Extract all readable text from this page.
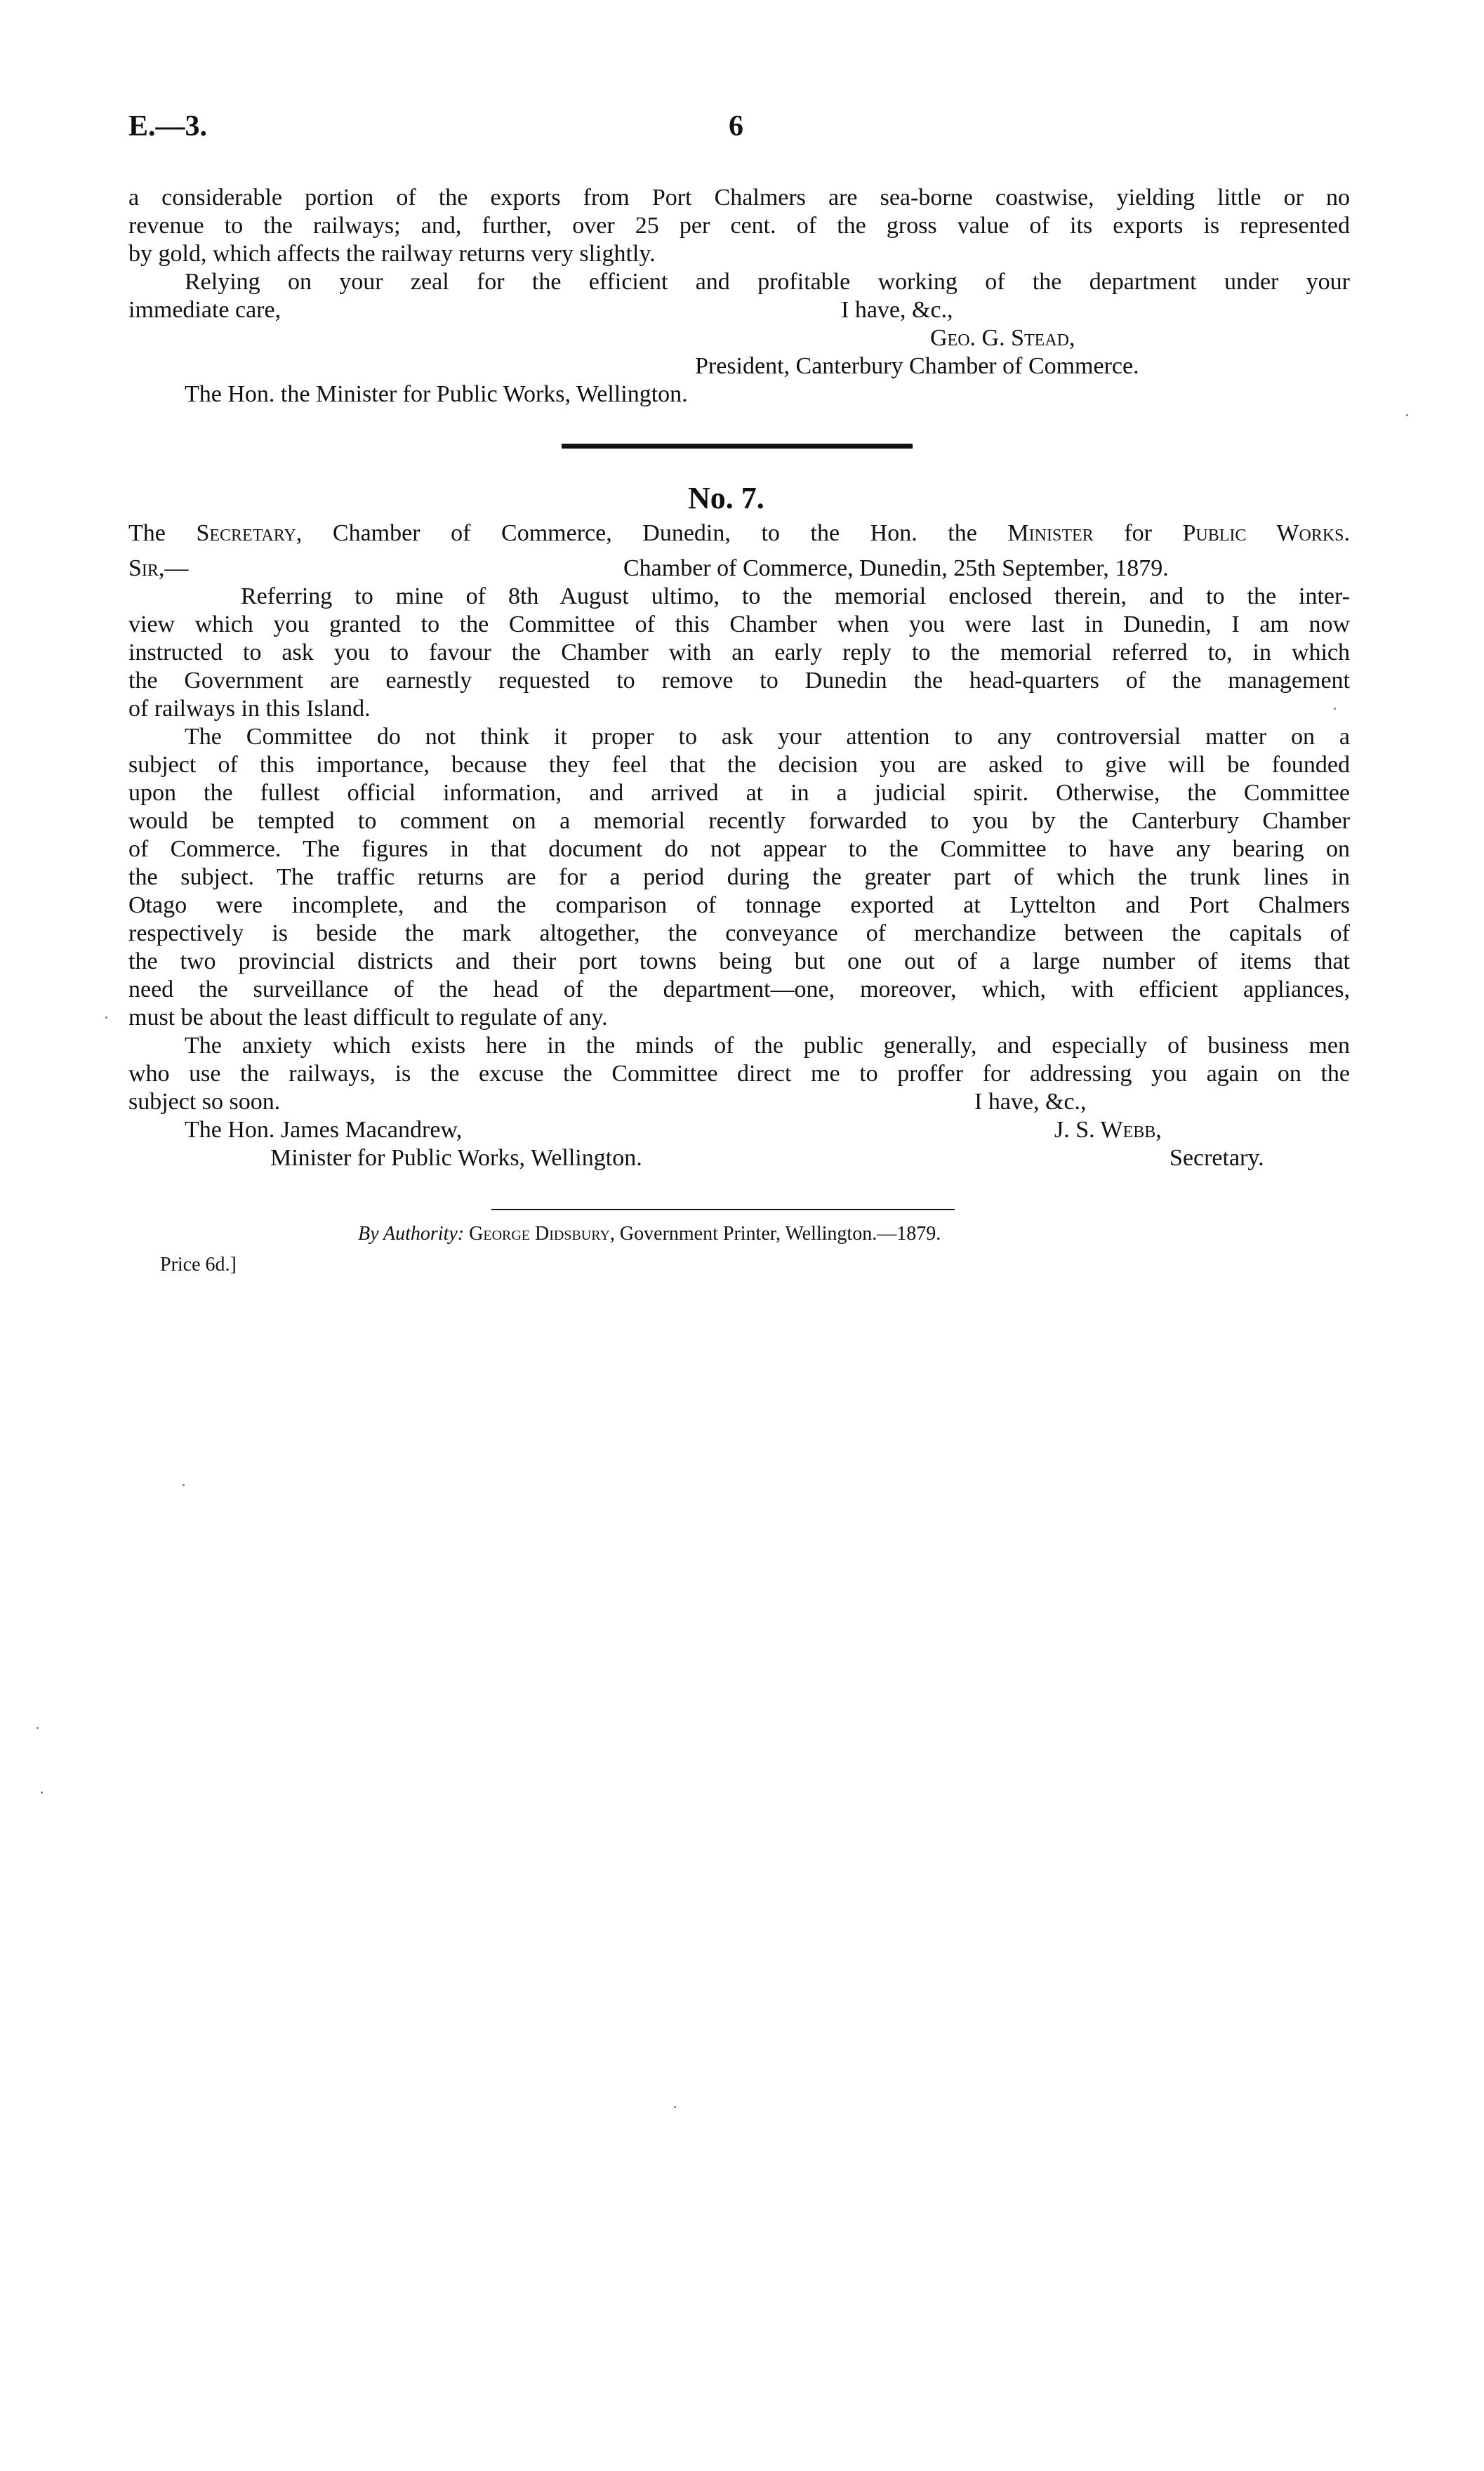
E.—3.	6
a considerable portion of the exports from Port Chalmers are sea-borne coastwise, yielding little or no
revenue to the railways; and, further, over 25 per cent. of the gross value of its exports is represented
by gold, which affects the railway returns very slightly.
Relying on your zeal for the efficient and profitable working of the department under your
immediate care,	I have, &c.,
Geo. G. Stead,
President, Canterbury Chamber of Commerce.
The Hon. the Minister for Public Works, Wellington.
No. 7.
The Secretary, Chamber of Commerce, Dunedin, to the Hon. the Minister for Public Works.
Sir,—	Chamber of Commerce, Dunedin, 25th September, 1879.
Referring to mine of 8th August ultimo, to the memorial enclosed therein, and to the inter-
view which you granted to the Committee of this Chamber when you were last in Dunedin, I am now
instructed to ask you to favour the Chamber with an early reply to the memorial referred to, in which
the Government are earnestly requested to remove to Dunedin the head-quarters of the management
of railways in this Island.
The Committee do not think it proper to ask your attention to any controversial matter on a
subject of this importance, because they feel that the decision you are asked to give will be founded
upon the fullest official information, and arrived at in a judicial spirit. Otherwise, the Committee
would be tempted to comment on a memorial recently forwarded to you by the Canterbury Chamber
of Commerce. The figures in that document do not appear to the Committee to have any bearing on
the subject. The traffic returns are for a period during the greater part of which the trunk lines in
Otago were incomplete, and the comparison of tonnage exported at Lyttelton and Port Chalmers
respectively is beside the mark altogether, the conveyance of merchandize between the capitals of
the two provincial districts and their port towns being but one out of a large number of items that
need the surveillance of the head of the department—one, moreover, which, with efficient appliances,
must be about the least difficult to regulate of any.
The anxiety which exists here in the minds of the public generally, and especially of business men
who use the railways, is the excuse the Committee direct me to proffer for addressing you again on the
subject so soon.	I have, &c.,
The Hon. James Macandrew,	J. S. Webb,
Minister for Public Works, Wellington.	Secretary.
By Authority: George Didsbury, Government Printer, Wellington.—1879.
Price 6d.]
